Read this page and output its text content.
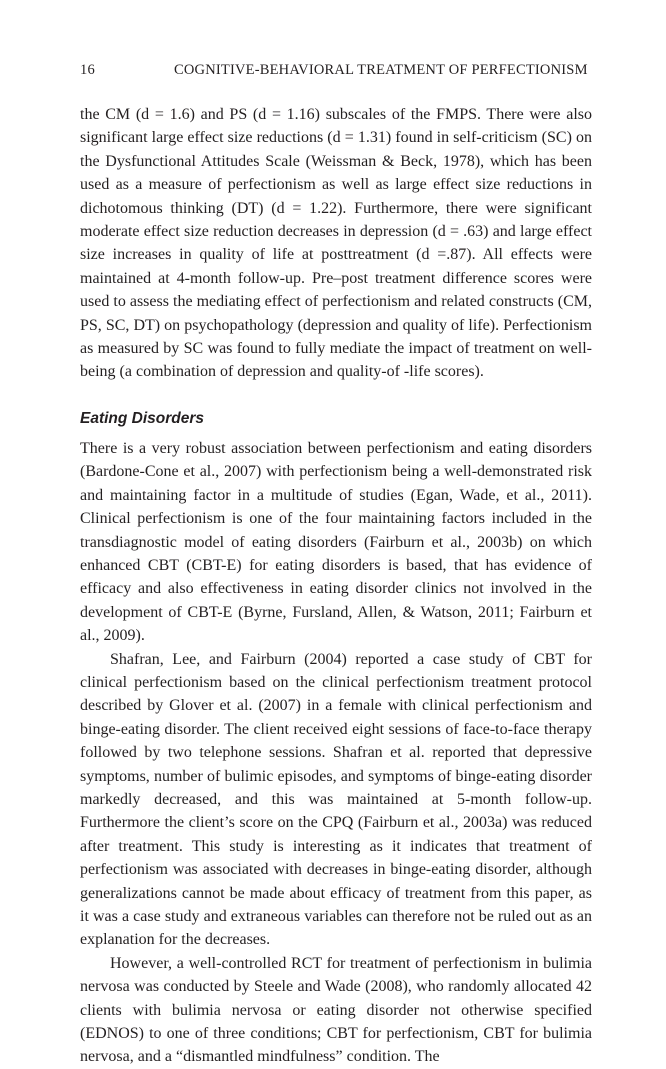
16	COGNITIVE-BEHAVIORAL TREATMENT OF PERFECTIONISM

the CM (d = 1.6) and PS (d = 1.16) subscales of the FMPS. There were also significant large effect size reductions (d = 1.31) found in self-criticism (SC) on the Dysfunctional Attitudes Scale (Weissman & Beck, 1978), which has been used as a measure of perfectionism as well as large effect size reductions in dichotomous thinking (DT) (d = 1.22). Furthermore, there were significant moderate effect size reduction decreases in depression (d = .63) and large effect size increases in quality of life at posttreatment (d =.87). All effects were maintained at 4-month follow-up. Pre–post treatment difference scores were used to assess the mediating effect of perfectionism and related constructs (CM, PS, SC, DT) on psychopathology (depression and quality of life). Perfectionism as measured by SC was found to fully mediate the impact of treatment on well-being (a combination of depression and quality-of -life scores).

Eating Disorders

There is a very robust association between perfectionism and eating disorders (Bardone-Cone et al., 2007) with perfectionism being a well-demonstrated risk and maintaining factor in a multitude of studies (Egan, Wade, et al., 2011). Clinical perfectionism is one of the four maintaining factors included in the transdiagnostic model of eating disorders (Fairburn et al., 2003b) on which enhanced CBT (CBT-E) for eating disorders is based, that has evidence of efficacy and also effectiveness in eating disorder clinics not involved in the development of CBT-E (Byrne, Fursland, Allen, & Watson, 2011; Fairburn et al., 2009).

Shafran, Lee, and Fairburn (2004) reported a case study of CBT for clinical perfectionism based on the clinical perfectionism treatment protocol described by Glover et al. (2007) in a female with clinical perfectionism and binge-eating disorder. The client received eight sessions of face-to-face therapy followed by two telephone sessions. Shafran et al. reported that depressive symptoms, number of bulimic episodes, and symptoms of binge-eating disorder markedly decreased, and this was maintained at 5-month follow-up. Furthermore the client’s score on the CPQ (Fairburn et al., 2003a) was reduced after treatment. This study is interesting as it indicates that treatment of perfectionism was associated with decreases in binge-eating disorder, although generalizations cannot be made about efficacy of treatment from this paper, as it was a case study and extraneous variables can therefore not be ruled out as an explanation for the decreases.

However, a well-controlled RCT for treatment of perfectionism in bulimia nervosa was conducted by Steele and Wade (2008), who randomly allocated 42 clients with bulimia nervosa or eating disorder not otherwise specified (EDNOS) to one of three conditions; CBT for perfectionism, CBT for bulimia nervosa, and a “dismantled mindfulness” condition. The
